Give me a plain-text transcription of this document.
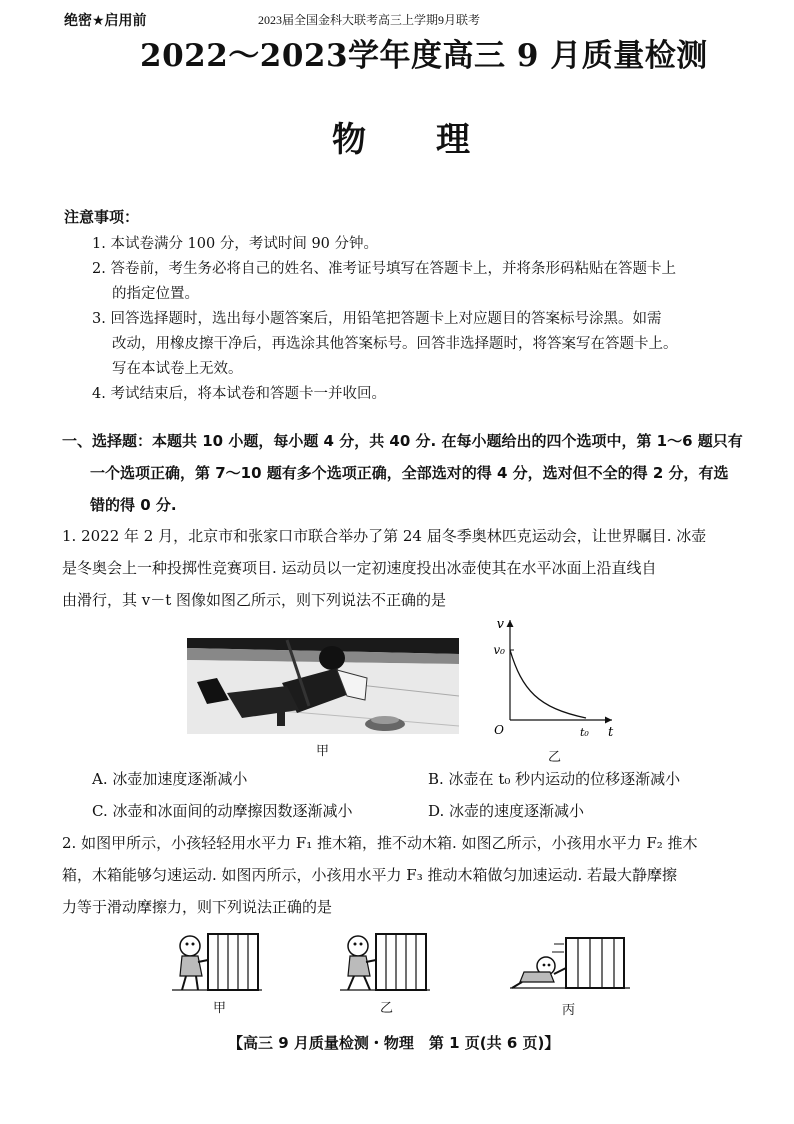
绝密★启用前	2023届全国金科大联考高三上学期9月联考
2022～2023学年度高三 9 月质量检测
物理
注意事项：
1. 本试卷满分 100 分，考试时间 90 分钟。
2. 答卷前，考生务必将自己的姓名、准考证号填写在答题卡上，并将条形码粘贴在答题卡上
的指定位置。
3. 回答选择题时，选出每小题答案后，用铅笔把答题卡上对应题目的答案标号涂黑。如需
改动，用橡皮擦干净后，再选涂其他答案标号。回答非选择题时，将答案写在答题卡上。
写在本试卷上无效。
4. 考试结束后，将本试卷和答题卡一并收回。
一、选择题：本题共 10 小题，每小题 4 分，共 40 分. 在每小题给出的四个选项中，第 1～6 题只有
一个选项正确，第 7～10 题有多个选项正确，全部选对的得 4 分，选对但不全的得 2 分，有选
错的得 0 分.
1. 2022 年 2 月，北京市和张家口市联合举办了第 24 届冬季奥林匹克运动会，让世界瞩目. 冰壶
是冬奥会上一种投掷性竞赛项目. 运动员以一定初速度投出冰壶使其在水平冰面上沿直线自
由滑行，其 v－t 图像如图乙所示，则下列说法不正确的是
甲
v
v₀
O	t₀ t
乙
A. 冰壶加速度逐渐减小	B. 冰壶在 t₀ 秒内运动的位移逐渐减小
C. 冰壶和冰面间的动摩擦因数逐渐减小	D. 冰壶的速度逐渐减小
2. 如图甲所示，小孩轻轻用水平力 F₁ 推木箱，推不动木箱. 如图乙所示，小孩用水平力 F₂ 推木
箱，木箱能够匀速运动. 如图丙所示，小孩用水平力 F₃ 推动木箱做匀加速运动. 若最大静摩擦
力等于滑动摩擦力，则下列说法正确的是
甲	乙	丙
【高三 9 月质量检测・物理　第 1 页(共 6 页)】
